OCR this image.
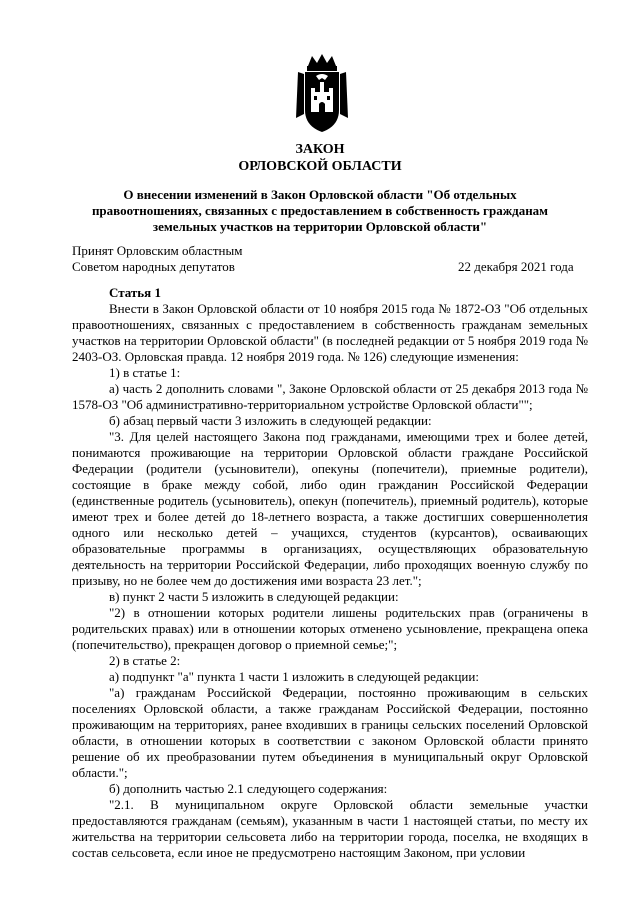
ЗАКОН
ОРЛОВСКОЙ ОБЛАСТИ
О внесении изменений в Закон Орловской области "Об отдельных правоотношениях, связанных с предоставлением в собственность гражданам земельных участков на территории Орловской области"
Принят Орловским областным
Советом народных депутатов	22 декабря 2021 года

Статья 1

Внести в Закон Орловской области от 10 ноября 2015 года № 1872-ОЗ "Об отдельных правоотношениях, связанных с предоставлением в собственность гражданам земельных участков на территории Орловской области" (в последней редакции от 5 ноября 2019 года № 2403-ОЗ. Орловская правда. 12 ноября 2019 года. № 126) следующие изменения:

1) в статье 1:

а) часть 2 дополнить словами ", Законе Орловской области от 25 декабря 2013 года № 1578-ОЗ "Об административно-территориальном устройстве Орловской области"";

б) абзац первый части 3 изложить в следующей редакции:

"3. Для целей настоящего Закона под гражданами, имеющими трех и более детей, понимаются проживающие на территории Орловской области граждане Российской Федерации (родители (усыновители), опекуны (попечители), приемные родители), состоящие в браке между собой, либо один гражданин Российской Федерации (единственные родитель (усыновитель), опекун (попечитель), приемный родитель), которые имеют трех и более детей до 18-летнего возраста, а также достигших совершеннолетия одного или несколько детей – учащихся, студентов (курсантов), осваивающих образовательные программы в организациях, осуществляющих образовательную деятельность на территории Российской Федерации, либо проходящих военную службу по призыву, но не более чем до достижения ими возраста 23 лет.";

в) пункт 2 части 5 изложить в следующей редакции:

"2) в отношении которых родители лишены родительских прав (ограничены в родительских правах) или в отношении которых отменено усыновление, прекращена опека (попечительство), прекращен договор о приемной семье;";

2) в статье 2:

а) подпункт "а" пункта 1 части 1 изложить в следующей редакции:

"а) гражданам Российской Федерации, постоянно проживающим в сельских поселениях Орловской области, а также гражданам Российской Федерации, постоянно проживающим на территориях, ранее входивших в границы сельских поселений Орловской области, в отношении которых в соответствии с законом Орловской области принято решение об их преобразовании путем объединения в муниципальный округ Орловской области.";

б) дополнить частью 2.1 следующего содержания:

"2.1. В муниципальном округе Орловской области земельные участки предоставляются гражданам (семьям), указанным в части 1 настоящей статьи, по месту их жительства на территории сельсовета либо на территории города, поселка, не входящих в состав сельсовета, если иное не предусмотрено настоящим Законом, при условии
